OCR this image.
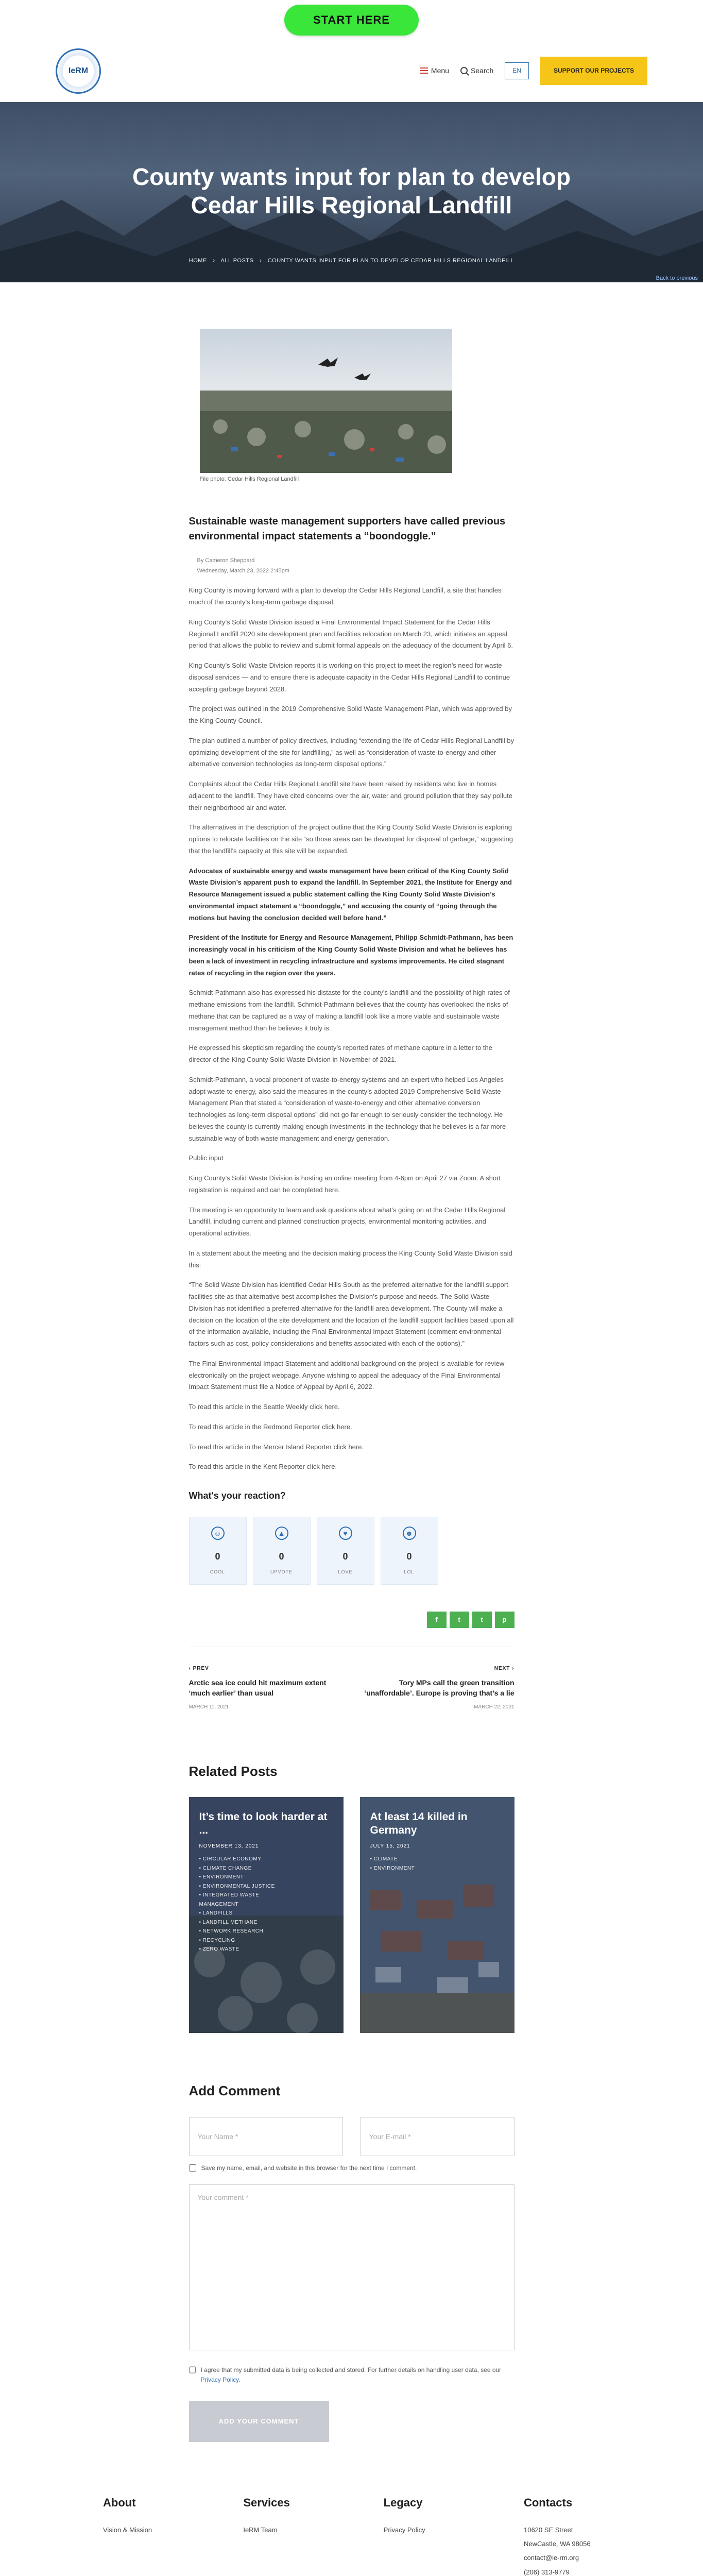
START HERE
IeRM	Menu	Search	EN	SUPPORT OUR PROJECTS
County wants input for plan to develop Cedar Hills Regional Landfill
HOME › ALL POSTS › COUNTY WANTS INPUT FOR PLAN TO DEVELOP CEDAR HILLS REGIONAL LANDFILL
Back to previous
File photo: Cedar Hills Regional Landfill
Sustainable waste management supporters have called previous environmental impact statements a “boondoggle.”
By Cameron Sheppard
Wednesday, March 23, 2022 2:45pm

King County is moving forward with a plan to develop the Cedar Hills Regional Landfill, a site that handles much of the county’s long-term garbage disposal.

King County’s Solid Waste Division issued a Final Environmental Impact Statement for the Cedar Hills Regional Landfill 2020 site development plan and facilities relocation on March 23, which initiates an appeal period that allows the public to review and submit formal appeals on the adequacy of the document by April 6.

King County’s Solid Waste Division reports it is working on this project to meet the region’s need for waste disposal services — and to ensure there is adequate capacity in the Cedar Hills Regional Landfill to continue accepting garbage beyond 2028.

The project was outlined in the 2019 Comprehensive Solid Waste Management Plan, which was approved by the King County Council.

The plan outlined a number of policy directives, including “extending the life of Cedar Hills Regional Landfill by optimizing development of the site for landfilling,” as well as “consideration of waste-to-energy and other alternative conversion technologies as long-term disposal options.”

Complaints about the Cedar Hills Regional Landfill site have been raised by residents who live in homes adjacent to the landfill. They have cited concerns over the air, water and ground pollution that they say pollute their neighborhood air and water.

The alternatives in the description of the project outline that the King County Solid Waste Division is exploring options to relocate facilities on the site “so those areas can be developed for disposal of garbage,” suggesting that the landfill’s capacity at this site will be expanded.

Advocates of sustainable energy and waste management have been critical of the King County Solid Waste Division’s apparent push to expand the landfill. In September 2021, the Institute for Energy and Resource Management issued a public statement calling the King County Solid Waste Division’s environmental impact statement a “boondoggle,” and accusing the county of “going through the motions but having the conclusion decided well before hand.”

President of the Institute for Energy and Resource Management, Philipp Schmidt-Pathmann, has been increasingly vocal in his criticism of the King County Solid Waste Division and what he believes has been a lack of investment in recycling infrastructure and systems improvements. He cited stagnant rates of recycling in the region over the years.

Schmidt-Pathmann also has expressed his distaste for the county’s landfill and the possibility of high rates of methane emissions from the landfill. Schmidt-Pathmann believes that the county has overlooked the risks of methane that can be captured as a way of making a landfill look like a more viable and sustainable waste management method than he believes it truly is.

He expressed his skepticism regarding the county’s reported rates of methane capture in a letter to the director of the King County Solid Waste Division in November of 2021.

Schmidt-Pathmann, a vocal proponent of waste-to-energy systems and an expert who helped Los Angeles adopt waste-to-energy, also said the measures in the county’s adopted 2019 Comprehensive Solid Waste Management Plan that stated a “consideration of waste-to-energy and other alternative conversion technologies as long-term disposal options” did not go far enough to seriously consider the technology. He believes the county is currently making enough investments in the technology that he believes is a far more sustainable way of both waste management and energy generation.

Public input

King County’s Solid Waste Division is hosting an online meeting from 4-6pm on April 27 via Zoom. A short registration is required and can be completed here.

The meeting is an opportunity to learn and ask questions about what’s going on at the Cedar Hills Regional Landfill, including current and planned construction projects, environmental monitoring activities, and operational activities.

In a statement about the meeting and the decision making process the King County Solid Waste Division said this:

“The Solid Waste Division has identified Cedar Hills South as the preferred alternative for the landfill support facilities site as that alternative best accomplishes the Division’s purpose and needs. The Solid Waste Division has not identified a preferred alternative for the landfill area development. The County will make a decision on the location of the site development and the location of the landfill support facilities based upon all of the information available, including the Final Environmental Impact Statement (comment environmental factors such as cost, policy considerations and benefits associated with each of the options).”

The Final Environmental Impact Statement and additional background on the project is available for review electronically on the project webpage. Anyone wishing to appeal the adequacy of the Final Environmental Impact Statement must file a Notice of Appeal by April 6, 2022.

To read this article in the Seattle Weekly click here.

To read this article in the Redmond Reporter click here.

To read this article in the Mercer Island Reporter click here.

To read this article in the Kent Reporter click here.

What's your reaction?
☺
0
COOL
▲
0
UPVOTE
♥
0
LOVE
☻
0
LOL
f	t	t	p
‹ PREV
Arctic sea ice could hit maximum extent ‘much earlier’ than usual
MARCH 11, 2021
NEXT ›
Tory MPs call the green transition ‘unaffordable’. Europe is proving that’s a lie
MARCH 22, 2021
Related Posts
It’s time to look harder at ...
NOVEMBER 13, 2021
• CIRCULAR ECONOMY
• CLIMATE CHANGE
• ENVIRONMENT
• ENVIRONMENTAL JUSTICE
• INTEGRATED WASTE
MANAGEMENT
• LANDFILLS
• LANDFILL METHANE
• NETWORK RESEARCH
• RECYCLING
• ZERO WASTE
At least 14 killed in Germany
JULY 15, 2021
• CLIMATE
• ENVIRONMENT
Add Comment
Your Name *
Your E-mail *
Save my name, email, and website in this browser for the next time I comment.
Your comment *
I agree that my submitted data is being collected and stored. For further details on handling user data, see our Privacy Policy.
ADD YOUR COMMENT
About
Vision & Mission
Services
IeRM Team
Legacy
Privacy Policy
Contacts
10620 SE Street
NewCastle, WA 98056
contact@ie-rm.org
(206) 313-9779
